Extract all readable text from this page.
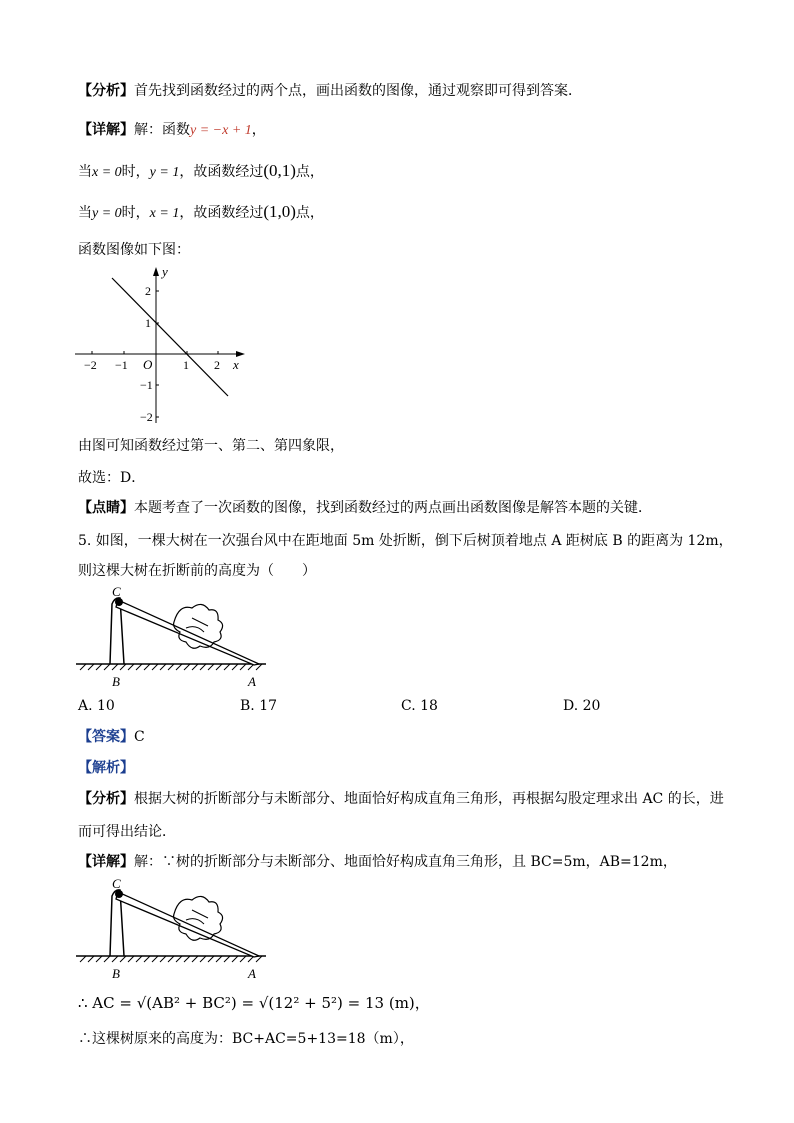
【分析】首先找到函数经过的两个点，画出函数的图像，通过观察即可得到答案．
【详解】解：函数y = −x + 1，
当x = 0时，y = 1，故函数经过(0,1)点，
当y = 0时，x = 1，故函数经过(1,0)点，
函数图像如下图：
y
x
O
−2 −1	1 2
2
1
−1
−2
由图可知函数经过第一、第二、第四象限，
故选：D．
【点睛】本题考查了一次函数的图像，找到函数经过的两点画出函数图像是解答本题的关键．
5. 如图，一棵大树在一次强台风中在距地面 5m 处折断，倒下后树顶着地点 A 距树底 B 的距离为 12m，
则这棵大树在折断前的高度为（　　）
C
B	A
A. 10	B. 17	C. 18	D. 20
【答案】C
【解析】
【分析】根据大树的折断部分与未断部分、地面恰好构成直角三角形，再根据勾股定理求出 AC 的长，进
而可得出结论．
【详解】解：∵树的折断部分与未断部分、地面恰好构成直角三角形，且 BC=5m，AB=12m，
C
B	A
∴ AC = √(AB² + BC²) = √(12² + 5²) = 13 (m)，
∴这棵树原来的高度为：BC+AC=5+13=18（m），
